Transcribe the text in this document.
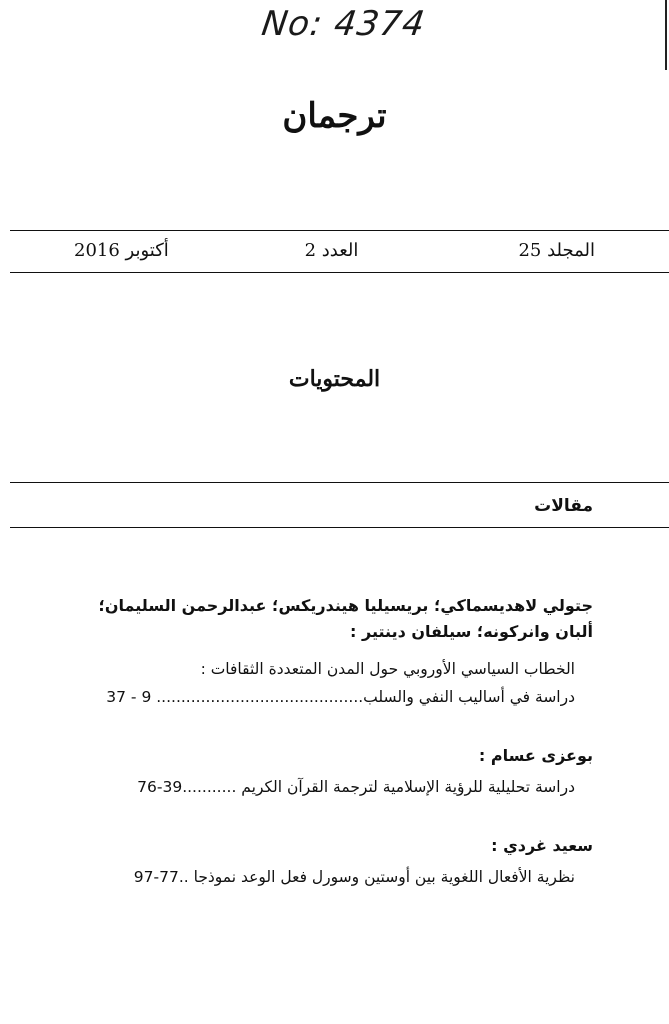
No: 4374
ترجمان
المجلد 25
العدد 2
أكتوبر 2016
المحتويات
مقالات
جتولي لاهديسماكي؛ بريسيليا هيندريكس؛ عبدالرحمن السليمان؛
ألبان وانركونه؛ سيلفان دينتير :
الخطاب السياسي الأوروبي حول المدن المتعددة الثقافات :
دراسة في أساليب النفي والسلب.......................................... 9 - 37
بوعزى عسام :
دراسة تحليلية للرؤية الإسلامية لترجمة القرآن الكريم ...........39-76
سعيد غردي :
نظرية الأفعال اللغوية بين أوستين وسورل فعل الوعد نموذجا ..77-97
